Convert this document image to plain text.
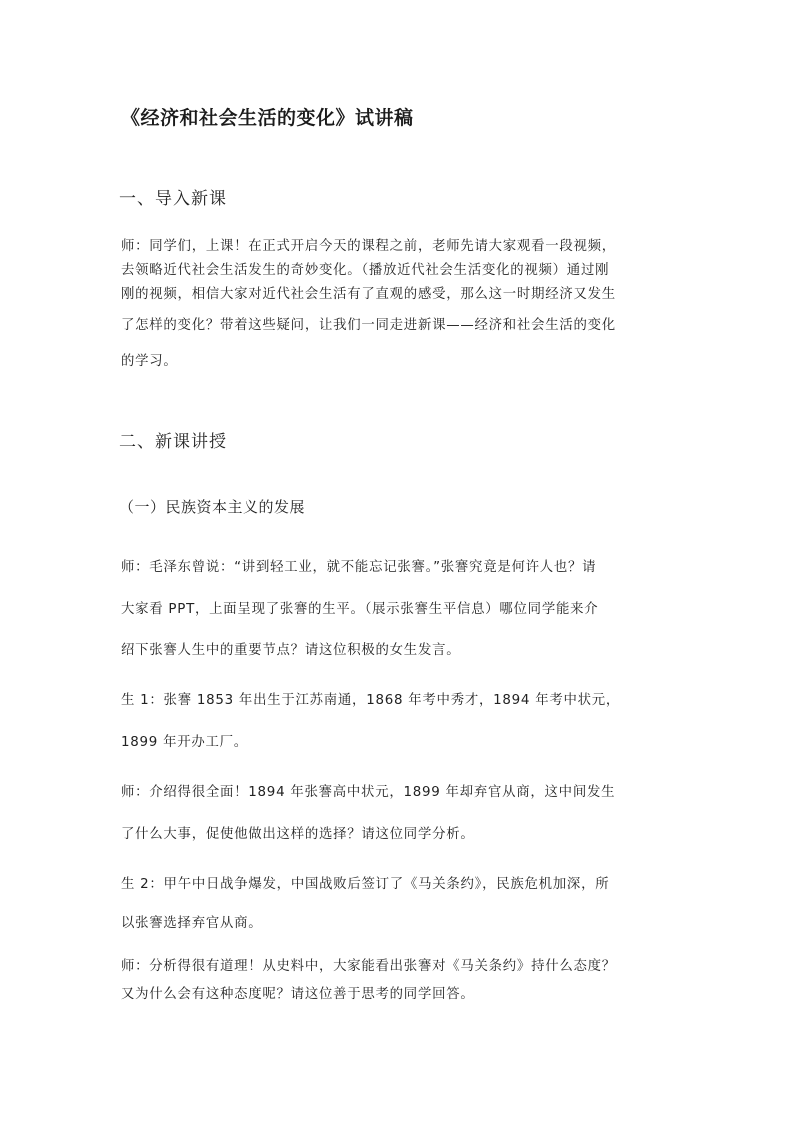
《经济和社会生活的变化》试讲稿
一、导入新课
师：同学们，上课！在正式开启今天的课程之前，老师先请大家观看一段视频，
去领略近代社会生活发生的奇妙变化。（播放近代社会生活变化的视频）通过刚
刚的视频，相信大家对近代社会生活有了直观的感受，那么这一时期经济又发生
了怎样的变化？带着这些疑问，让我们一同走进新课——经济和社会生活的变化
的学习。
二、新课讲授
（一）民族资本主义的发展
师：毛泽东曾说：“讲到轻工业，就不能忘记张謇。”张謇究竟是何许人也？请
大家看 PPT，上面呈现了张謇的生平。（展示张謇生平信息）哪位同学能来介
绍下张謇人生中的重要节点？请这位积极的女生发言。
生 1：张謇 1853 年出生于江苏南通，1868 年考中秀才，1894 年考中状元，
1899 年开办工厂。
师：介绍得很全面！1894 年张謇高中状元，1899 年却弃官从商，这中间发生
了什么大事，促使他做出这样的选择？请这位同学分析。
生 2：甲午中日战争爆发，中国战败后签订了《马关条约》，民族危机加深，所
以张謇选择弃官从商。
师：分析得很有道理！从史料中，大家能看出张謇对《马关条约》持什么态度？
又为什么会有这种态度呢？请这位善于思考的同学回答。
